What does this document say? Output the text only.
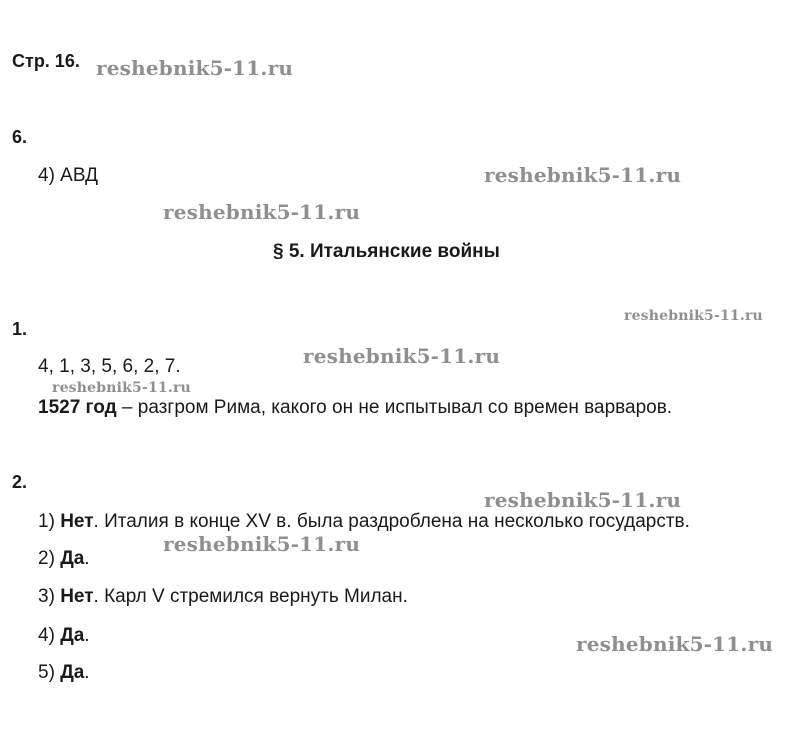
Стр. 16.
6.
4) АВД
§ 5. Итальянские войны
1.
4, 1, 3, 5, 6, 2, 7.
1527 год – разгром Рима, какого он не испытывал со времен варваров.
2.
1) Нет. Италия в конце XV в. была раздроблена на несколько государств.
2) Да.
3) Нет. Карл V стремился вернуть Милан.
4) Да.
5) Да.
reshebnik5-11.ru
reshebnik5-11.ru
reshebnik5-11.ru
reshebnik5-11.ru
reshebnik5-11.ru
reshebnik5-11.ru
reshebnik5-11.ru
reshebnik5-11.ru
reshebnik5-11.ru
